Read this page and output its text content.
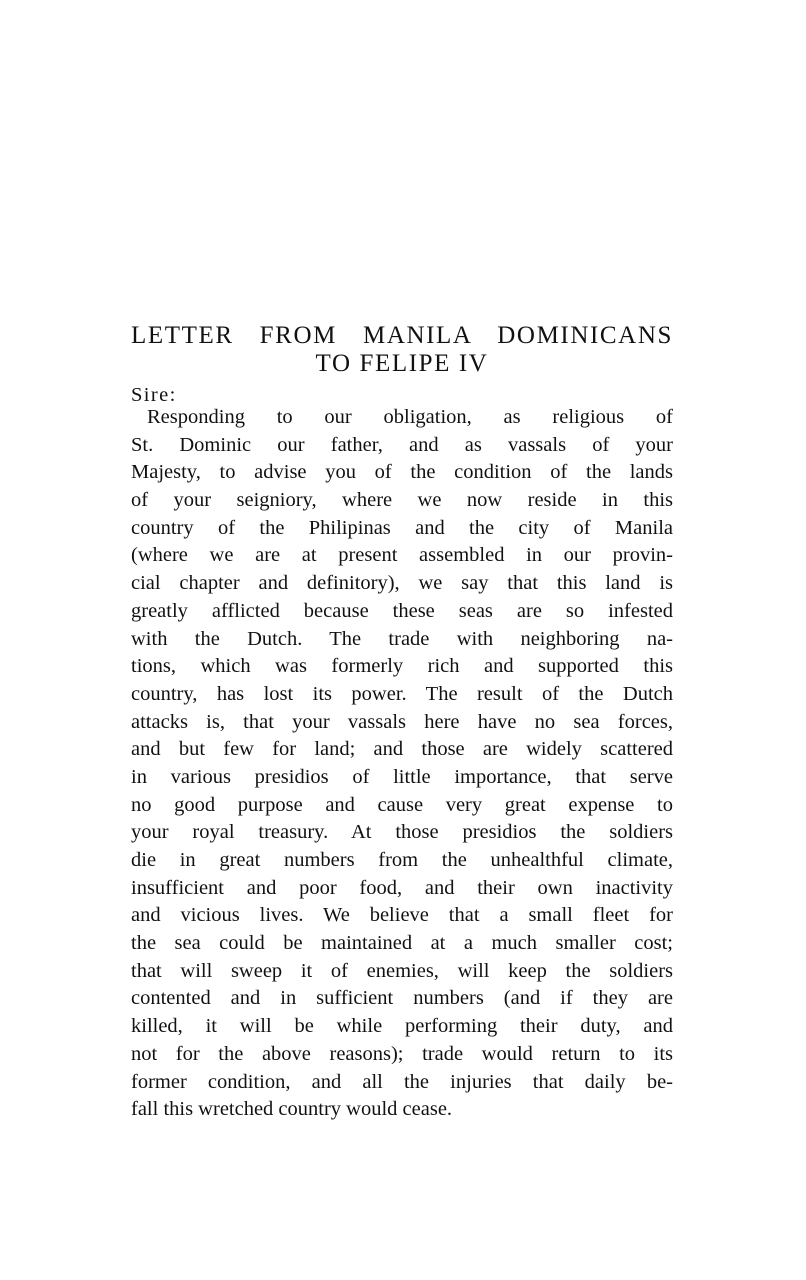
LETTER FROM MANILA DOMINICANS
TO FELIPE IV
Sire:
Responding to our obligation, as religious of
St. Dominic our father, and as vassals of your
Majesty, to advise you of the condition of the lands
of your seigniory, where we now reside in this
country of the Philipinas and the city of Manila
(where we are at present assembled in our provin-
cial chapter and definitory), we say that this land is
greatly afflicted because these seas are so infested
with the Dutch. The trade with neighboring na-
tions, which was formerly rich and supported this
country, has lost its power. The result of the Dutch
attacks is, that your vassals here have no sea forces,
and but few for land; and those are widely scattered
in various presidios of little importance, that serve
no good purpose and cause very great expense to
your royal treasury. At those presidios the soldiers
die in great numbers from the unhealthful climate,
insufficient and poor food, and their own inactivity
and vicious lives. We believe that a small fleet for
the sea could be maintained at a much smaller cost;
that will sweep it of enemies, will keep the soldiers
contented and in sufficient numbers (and if they are
killed, it will be while performing their duty, and
not for the above reasons); trade would return to its
former condition, and all the injuries that daily be-
fall this wretched country would cease.
